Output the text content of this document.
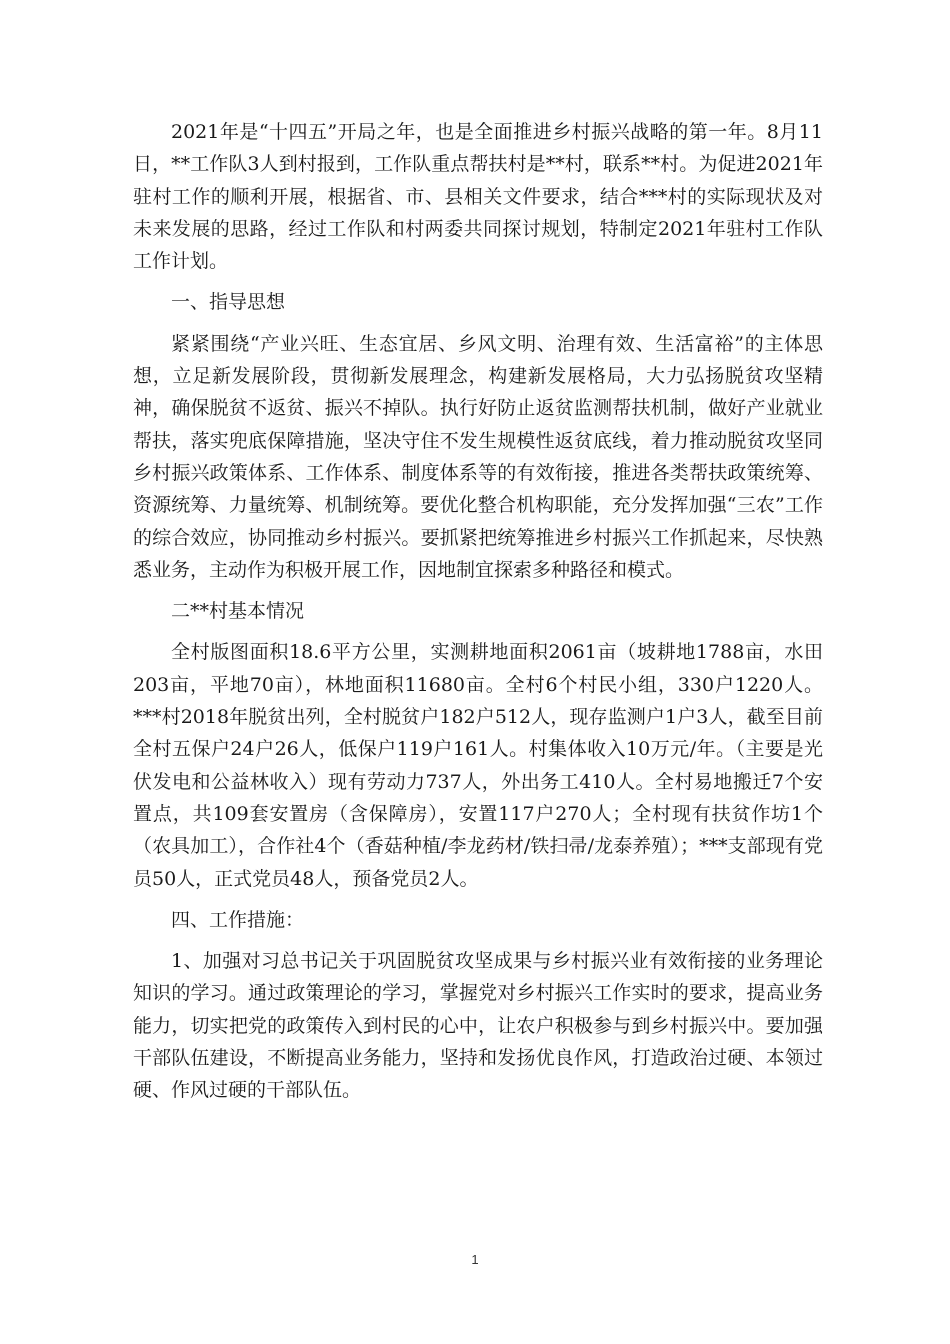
2021年是“十四五”开局之年，也是全面推进乡村振兴战略的第一年。8月11日，**工作队3人到村报到，工作队重点帮扶村是**村，联系**村。为促进2021年驻村工作的顺利开展，根据省、市、县相关文件要求，结合***村的实际现状及对未来发展的思路，经过工作队和村两委共同探讨规划，特制定2021年驻村工作队工作计划。

一、指导思想

紧紧围绕“产业兴旺、生态宜居、乡风文明、治理有效、生活富裕”的主体思想，立足新发展阶段，贯彻新发展理念，构建新发展格局，大力弘扬脱贫攻坚精神，确保脱贫不返贫、振兴不掉队。执行好防止返贫监测帮扶机制，做好产业就业帮扶，落实兜底保障措施，坚决守住不发生规模性返贫底线，着力推动脱贫攻坚同乡村振兴政策体系、工作体系、制度体系等的有效衔接，推进各类帮扶政策统筹、资源统筹、力量统筹、机制统筹。要优化整合机构职能，充分发挥加强“三农”工作的综合效应，协同推动乡村振兴。要抓紧把统筹推进乡村振兴工作抓起来，尽快熟悉业务，主动作为积极开展工作，因地制宜探索多种路径和模式。

二**村基本情况

全村版图面积18.6平方公里，实测耕地面积2061亩（坡耕地1788亩，水田203亩，平地70亩），林地面积11680亩。全村6个村民小组，330户1220人。***村2018年脱贫出列，全村脱贫户182户512人，现存监测户1户3人，截至目前全村五保户24户26人，低保户119户161人。村集体收入10万元/年。（主要是光伏发电和公益林收入）现有劳动力737人，外出务工410人。全村易地搬迁7个安置点，共109套安置房（含保障房），安置117户270人；全村现有扶贫作坊1个（农具加工），合作社4个（香菇种植/李龙药材/铁扫帚/龙泰养殖）；***支部现有党员50人，正式党员48人，预备党员2人。

四、工作措施：

1、加强对习总书记关于巩固脱贫攻坚成果与乡村振兴业有效衔接的业务理论知识的学习。通过政策理论的学习，掌握党对乡村振兴工作实时的要求，提高业务能力，切实把党的政策传入到村民的心中，让农户积极参与到乡村振兴中。要加强干部队伍建设，不断提高业务能力，坚持和发扬优良作风，打造政治过硬、本领过硬、作风过硬的干部队伍。

1
